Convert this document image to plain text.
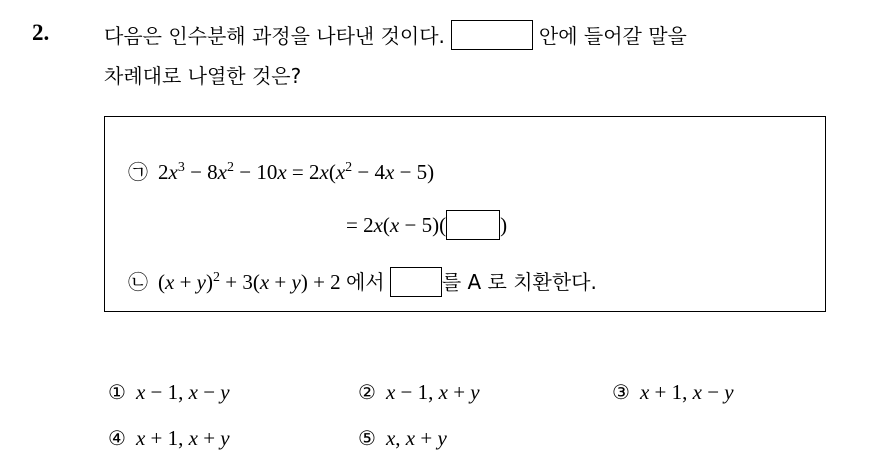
2.	다음은 인수분해 과정을 나타낸 것이다.	안에 들어갈 말을
차례대로 나열한 것은?
㉠ $2x^3 - 8x^2 - 10x = 2x(x^2 - 4x - 5)$
= 2x(x − 5)(	)
㉡ $(x + y)^2 + 3(x + y) + 2$ 에서	를 A 로 치환한다.
① x − 1, x − y	② x − 1, x + y	③ x + 1, x − y
④ x + 1, x + y	⑤ x, x + y
